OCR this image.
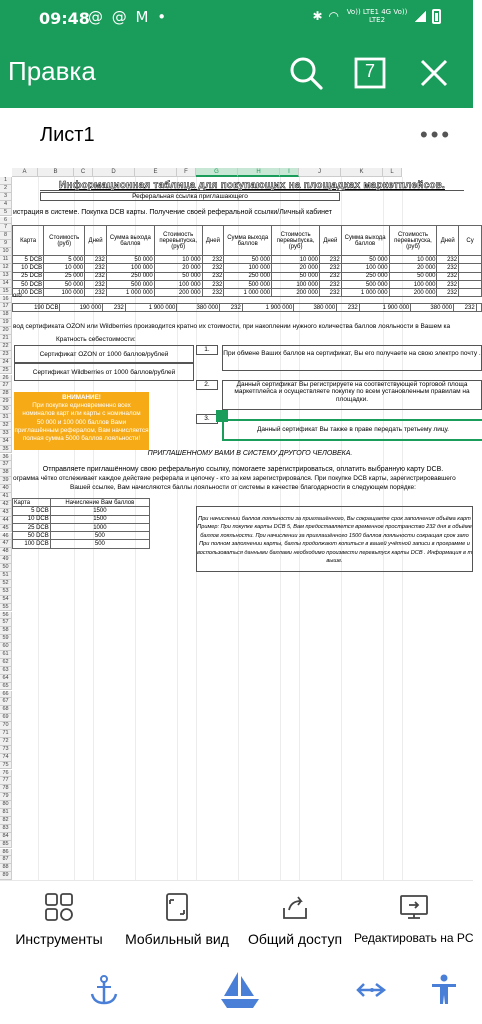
09:48
@ @ M •	✱ ◠ Vo)) LTE1 4G Vo)) LTE2
Правка	7
Лист1	•••
A	B	C	D	E	F	G	H	I	J	K	L
1
2
3
4
5
6
7
8
9
10
11
12
13
14
15
16
17
18
19
20
21
22
23
24
25
26
27
28
29
30
31
32
33
34
35
36
37
38
39
40
41
42
43
44
45
46
47
48
49
50
51
52
53
54
55
56
57
58
59
60
61
62
63
64
65
66
67
68
69
70
71
72
73
74
75
76
77
78
79
80
81
82
83
84
85
86
87
88
89
Информационная таблица для покупающих на площадках маркетплейсов.
Реферальная ссылка приглашающего
истрация в системе. Покупка DCB карты. Получение своей реферальной ссылки/Личный кабинет
Карта	Стоимость (руб)	Дней	Сумма выхода баллов	Стоимость перевыпуска, (руб)	Дней	Сумма выхода баллов	Стоимость перевыпуска, (руб)	Дней	Сумма выхода баллов	Стоимость перевыпуска, (руб)	Дней	Су
5 DCB	5 000	232	50 000	10 000	232	50 000	10 000	232	50 000	10 000	232	
10 DCB	10 000	232	100 000	20 000	232	100 000	20 000	232	100 000	20 000	232	
25 DCB	25 000	232	250 000	50 000	232	250 000	50 000	232	250 000	50 000	232	
50 DCB	50 000	232	500 000	100 000	232	500 000	100 000	232	500 000	100 000	232	
100 DCB	100 000	232	1 000 000	200 000	232	1 000 000	200 000	232	1 000 000	200 000	232	
ого
190 DCB	190 000	232	1 900 000	380 000	232	1 900 000	380 000	232	1 900 000	380 000	232	
вод сертификата OZON или Wildberries производится кратно их стоимости, при накоплении нужного количества баллов лояльности в Вашем ка
Кратность себестоимости:
Сертификат OZON от 1000 баллов/рублей
Сертификат Wildberries от 1000 баллов/рублей
1.
При обмене Ваших баллов на сертификат, Вы его получаете на свою электро почту .
2.	Данный сертификат Вы регистрируете на соответствующей торговой площа маркетплейса и осуществляете покупку по всем установленным правилам на площадки.
ВНИМАНИЕ!
При покупке единовременно всех
номиналов карт или карты с номиналом
50 000 и 100 000 баллов Вами
приглашённым рефералом, Вам начисляется
полная сумма 5000 баллов лояльности!
3.
Данный сертификат Вы также в праве передать третьему лицу.
ПРИГЛАШЕННОМУ ВАМИ В СИСТЕМУ ДРУГОГО ЧЕЛОВЕКА.
Отправляете приглашённому свою реферальную ссылку, помогаете зарегистрироваться, оплатить выбранную карту DCB.
ограмма чётко отслеживает каждое действие реферала и цепочку - кто за кем зарегистрировался. При покупке DCB карты, зарегистрировавшего
Вашей ссылке, Вам начисляются баллы лояльности от системы в качестве благодарности в следующем порядке:
Карта	Начисление Вам баллов
5 DCB	1500
10 DCB	1500
25 DCB	1000
50 DCB	500
100 DCB	500
При начислении баллов лояльности за приглашённого, Вы сокращаете срок заполнения объёма карт
Пример: При покупке карты DCB 5, Вам предоставляется временное пространство 232 дня в объёме
баллов лояльности. При начислении за приглашённого 1500 баллов лояльности сокращая срок запо
При полном заполнении карты, баллы продолжают копиться в вашей учётной записи в программе и
воспользоваться данными баллами необходимо произвести перевыпуск карты DCB . Информация в т
выше.
Инструменты	Мобильный вид	Общий доступ Редактировать на PC
